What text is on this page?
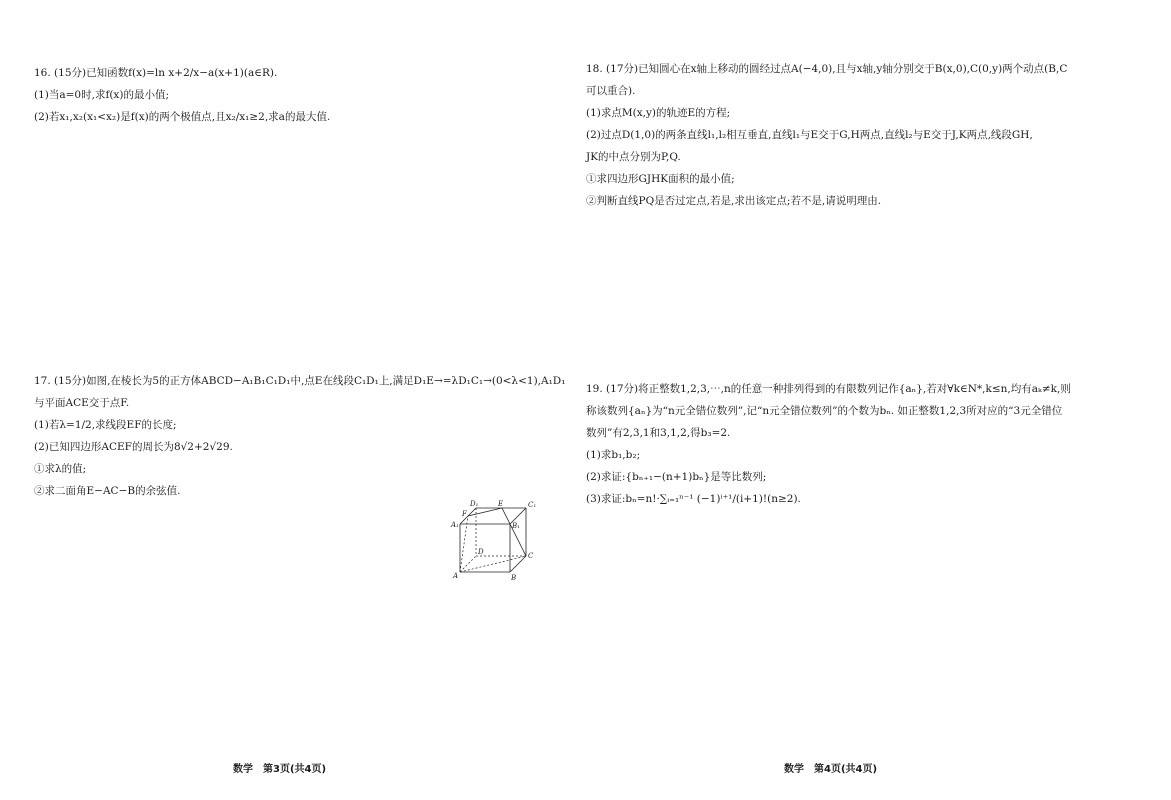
16. (15分)已知函数f(x)=ln x+2/x−a(x+1)(a∈R).
(1)当a=0时,求f(x)的最小值;
(2)若x₁,x₂(x₁<x₂)是f(x)的两个极值点,且x₂/x₁≥2,求a的最大值.
17. (15分)如图,在棱长为5的正方体ABCD−A₁B₁C₁D₁中,点E在线段C₁D₁上,满足D₁E→=λD₁C₁→(0<λ<1),A₁D₁
与平面ACE交于点F.
(1)若λ=1/2,求线段EF的长度;
(2)已知四边形ACEF的周长为8√2+2√29.
①求λ的值;
②求二面角E−AC−B的余弦值.
D₁	E	C₁
F
A₁	B₁
D	C
A	B
数学　第3页(共4页)
18. (17分)已知圆心在x轴上移动的圆经过点A(−4,0),且与x轴,y轴分别交于B(x,0),C(0,y)两个动点(B,C
可以重合).
(1)求点M(x,y)的轨迹E的方程;
(2)过点D(1,0)的两条直线l₁,l₂相互垂直,直线l₁与E交于G,H两点,直线l₂与E交于J,K两点,线段GH,
JK的中点分别为P,Q.
①求四边形GJHK面积的最小值;
②判断直线PQ是否过定点,若是,求出该定点;若不是,请说明理由.
19. (17分)将正整数1,2,3,⋯,n的任意一种排列得到的有限数列记作{aₙ},若对∀k∈N*,k≤n,均有aₖ≠k,则
称该数列{aₙ}为“n元全错位数列”,记“n元全错位数列”的个数为bₙ. 如正整数1,2,3所对应的“3元全错位
数列”有2,3,1和3,1,2,得b₃=2.
(1)求b₁,b₂;
(2)求证:{bₙ₊₁−(n+1)bₙ}是等比数列;
(3)求证:bₙ=n!·∑ᵢ₌₁ⁿ⁻¹ (−1)ⁱ⁺¹/(i+1)!(n≥2).
数学　第4页(共4页)
